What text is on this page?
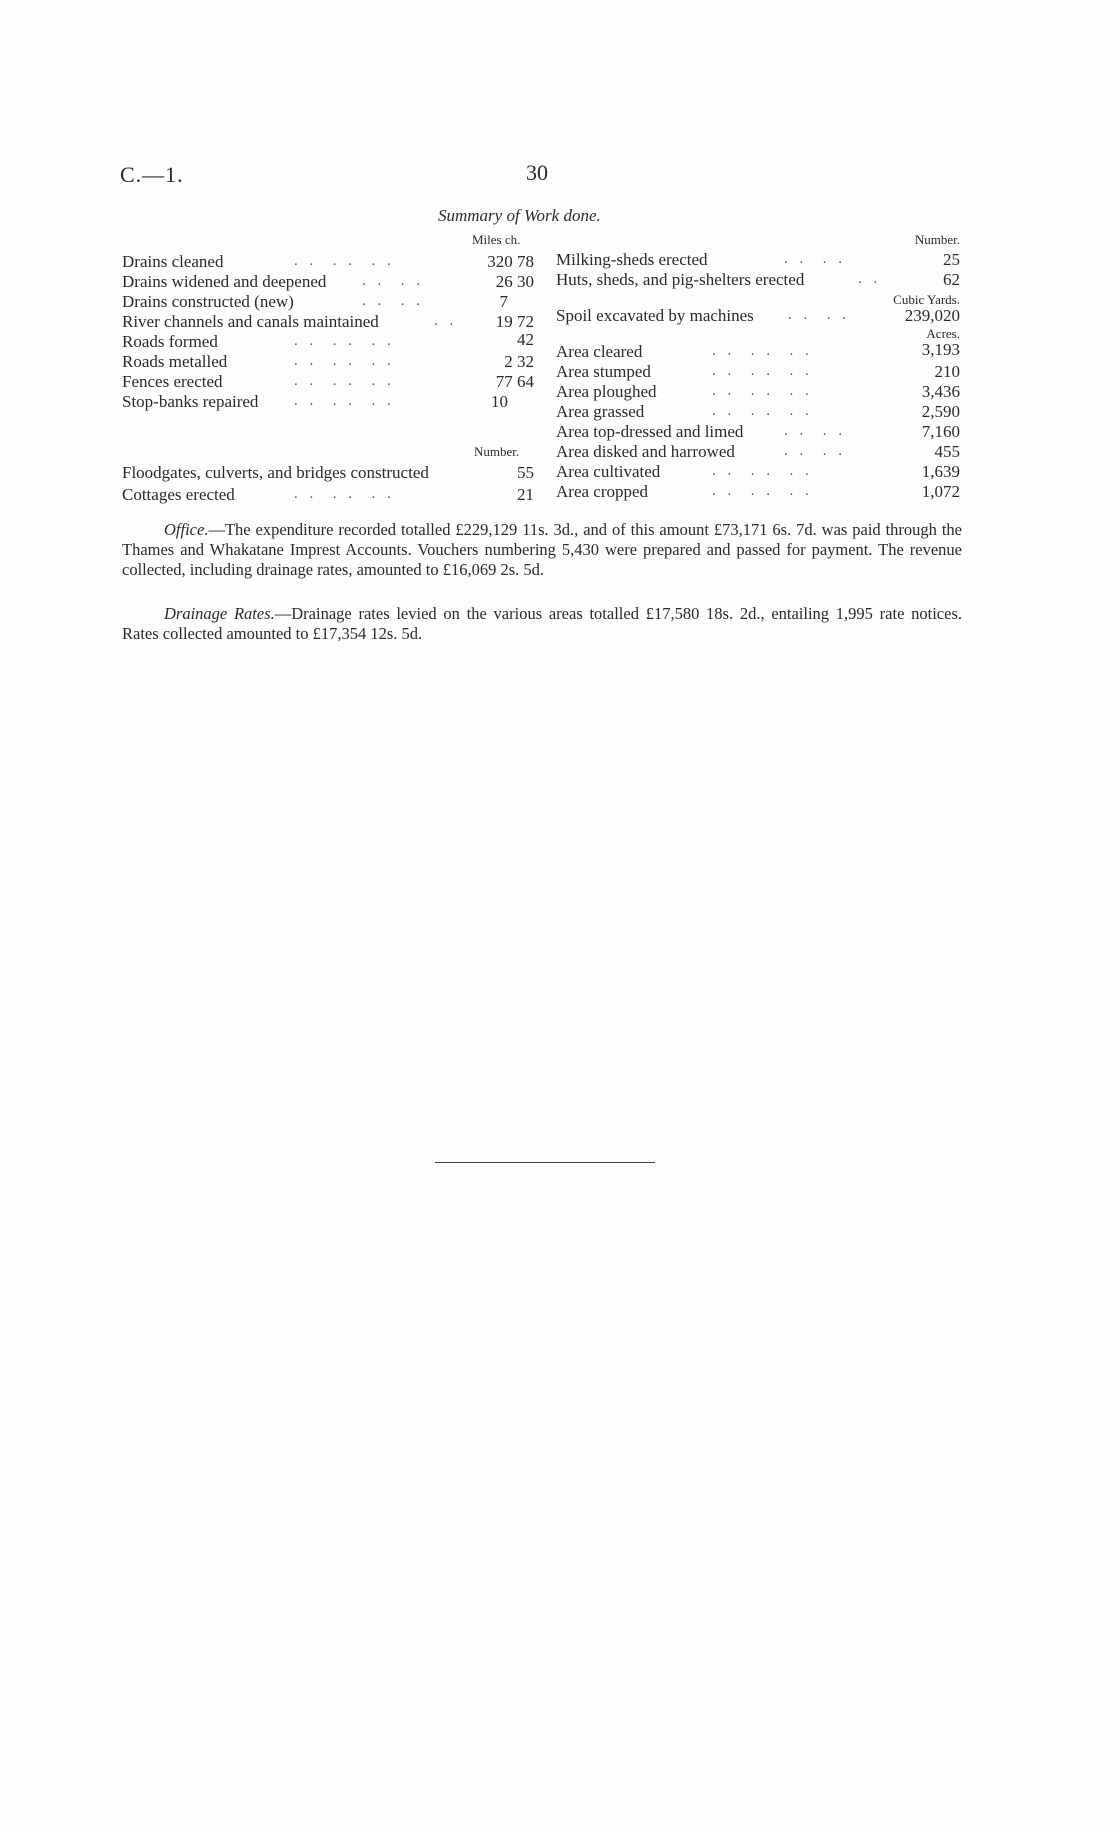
C.—1.	30
Summary of Work done.
Miles ch.
Drains cleaned	. .  . .  . .	320 78
Drains widened and deepened . .  . .	26 30
Drains constructed (new)	. .  . .	7
River channels and canals maintained	. .	19 72
Roads formed	. .  . .  . .	42
Roads metalled	. .  . .  . .	2 32
Fences erected	. .  . .  . .	77 64
Stop-banks repaired . .  . .  . .	10
Number.
Floodgates, culverts, and bridges constructed	55
Cottages erected	. .  . .  . .	21
Number.
Milking-sheds erected	. .  . .	25
Huts, sheds, and pig-shelters erected	. .	62
Cubic Yards.
Spoil excavated by machines . .  . .	239,020
Acres.
Area cleared	. .  . .  . .	3,193
Area stumped	. .  . .  . .	210
Area ploughed	. .  . .  . .	3,436
Area grassed	. .  . .  . .	2,590
Area top-dressed and limed	. .  . .	7,160
Area disked and harrowed	. .  . .	455
Area cultivated	. .  . .  . .	1,639
Area cropped	. .  . .  . .	1,072
Office.—The expenditure recorded totalled £229,129 11s. 3d., and of this amount £73,171 6s. 7d. was paid through the Thames and Whakatane Imprest Accounts. Vouchers numbering 5,430 were prepared and passed for payment. The revenue collected, including drainage rates, amounted to £16,069 2s. 5d.
Drainage Rates.—Drainage rates levied on the various areas totalled £17,580 18s. 2d., entailing 1,995 rate notices. Rates collected amounted to £17,354 12s. 5d.
